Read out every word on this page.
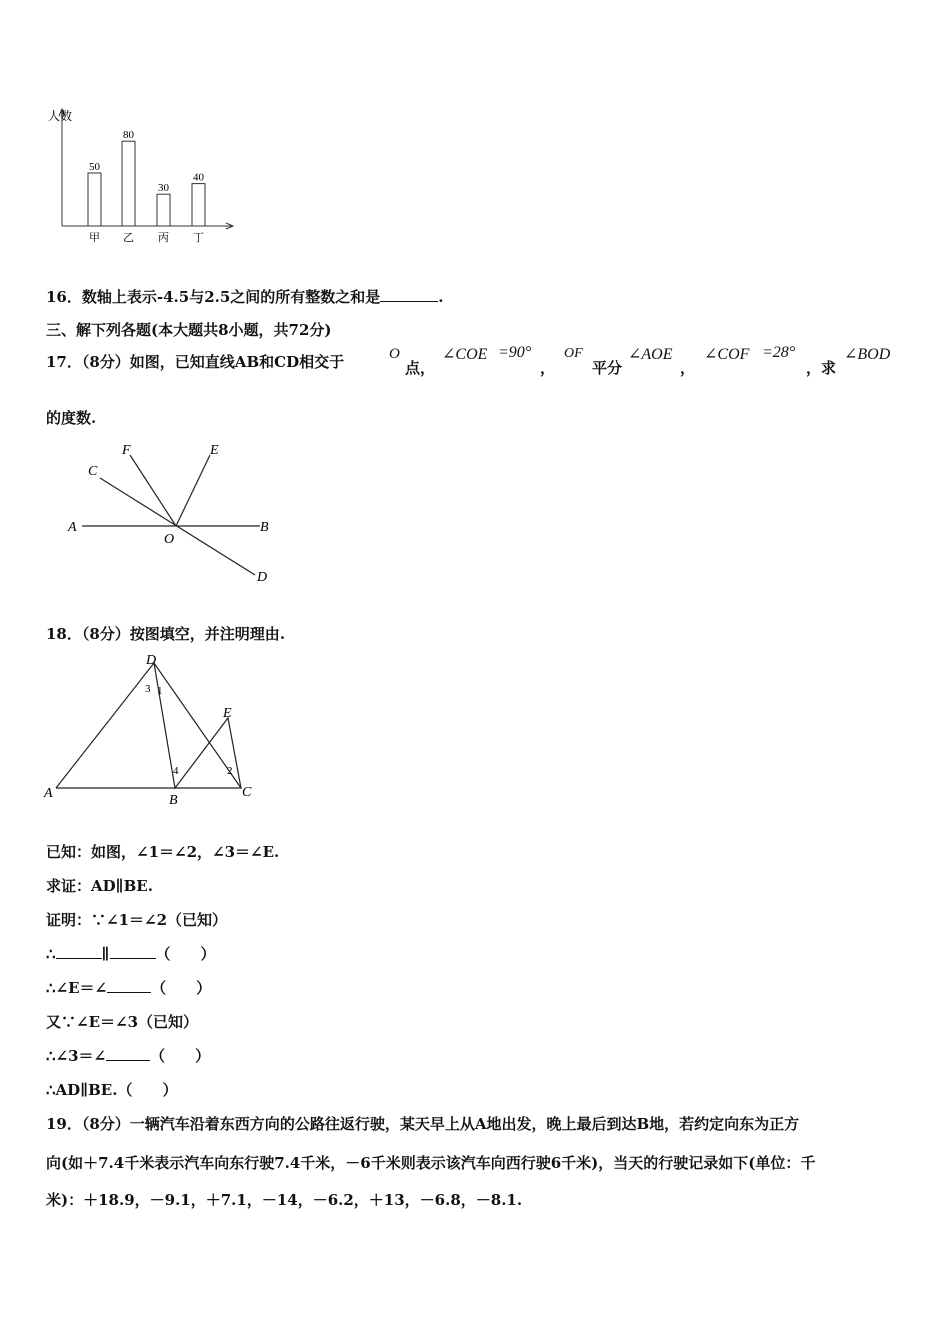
人数
50
甲
80
乙
30
丙
40
丁
16．数轴上表示-4.5与2.5之间的所有整数之和是	.
三、解下列各题(本大题共8小题，共72分)
17．（8分）如图，已知直线AB和CD相交于	O
点，
∠COE =90°
，
OF
平分
∠AOE
，
∠COF =28°
，求
∠BOD
的度数.
A	B
C
D
E
F
O
18．（8分）按图填空，并注明理由.
D
E
A	B
C
1
2
3
4
已知：如图，∠1＝∠2，∠3＝∠E.
求证：AD∥BE.
证明：∵∠1＝∠2（已知）
∴	∥	（　　）
∴∠E＝∠	（　　）
又∵∠E＝∠3（已知）
∴∠3＝∠	（　　）
∴AD∥BE.（　　）
19．（8分）一辆汽车沿着东西方向的公路往返行驶，某天早上从A地出发，晚上最后到达B地，若约定向东为正方
向(如＋7.4千米表示汽车向东行驶7.4千米，－6千米则表示该汽车向西行驶6千米)，当天的行驶记录如下(单位：千
米)：＋18.9，－9.1，＋7.1，－14，－6.2，＋13，－6.8，－8.1.
